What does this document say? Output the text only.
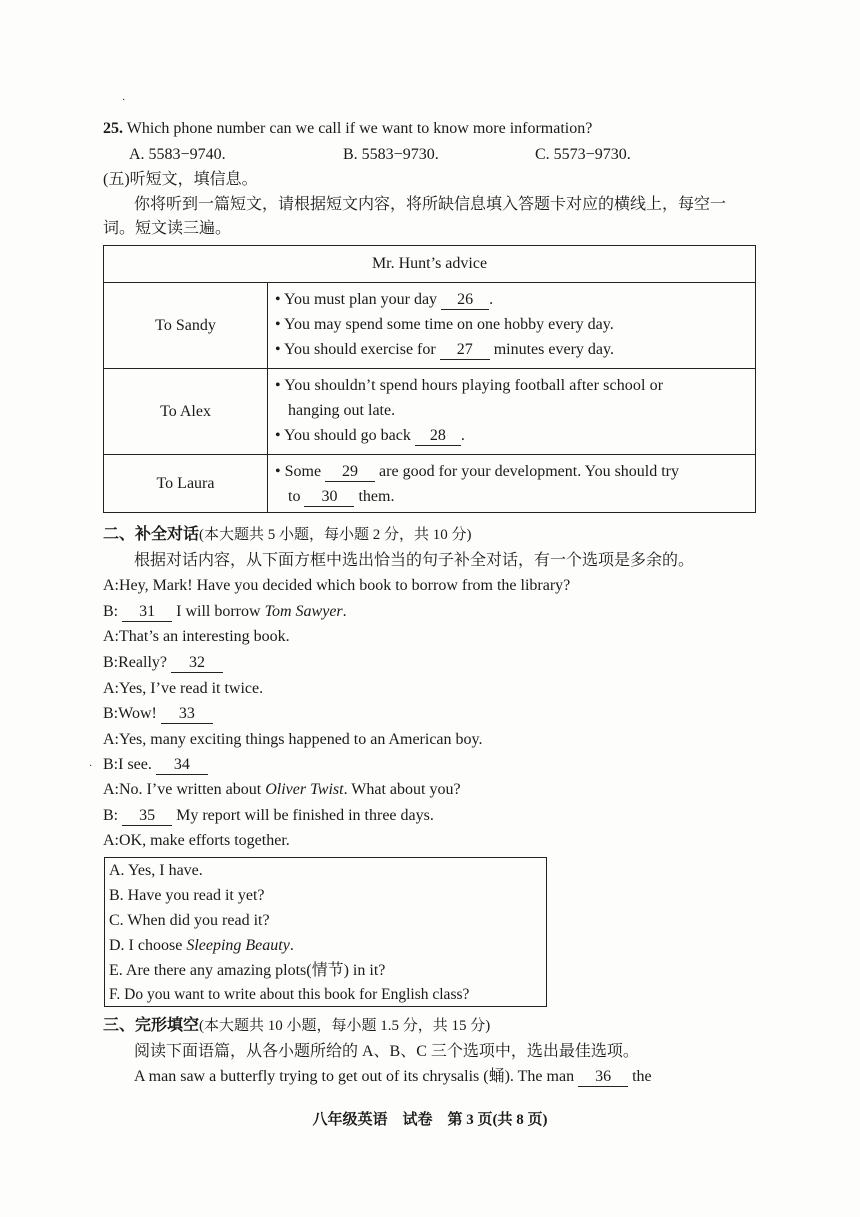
·
25. Which phone number can we call if we want to know more information?
A. 5583−9740.	B. 5583−9730.	C. 5573−9730.
(五)听短文，填信息。
你将听到一篇短文，请根据短文内容，将所缺信息填入答题卡对应的横线上，每空一
词。短文读三遍。
Mr. Hunt’s advice
To Sandy
• You must plan your day 26 .
• You may spend some time on one hobby every day.
• You should exercise for 27 minutes every day.
To Alex
• You shouldn’t spend hours playing football after school or
hanging out late.
• You should go back 28 .
To Laura
• Some 29 are good for your development. You should try
to 30 them.
二、补全对话(本大题共 5 小题，每小题 2 分，共 10 分)
根据对话内容，从下面方框中选出恰当的句子补全对话，有一个选项是多余的。
A:Hey, Mark! Have you decided which book to borrow from the library?
B: 31 I will borrow Tom Sawyer.
A:That’s an interesting book.
B:Really? 32
A:Yes, I’ve read it twice.
B:Wow! 33
A:Yes, many exciting things happened to an American boy.
· B:I see. 34
A:No. I’ve written about Oliver Twist. What about you?
B: 35 My report will be finished in three days.
A:OK, make efforts together.
A. Yes, I have.
B. Have you read it yet?
C. When did you read it?
D. I choose Sleeping Beauty.
E. Are there any amazing plots(情节) in it?
F. Do you want to write about this book for English class?
三、完形填空(本大题共 10 小题，每小题 1.5 分，共 15 分)
阅读下面语篇，从各小题所给的 A、B、C 三个选项中，选出最佳选项。
A man saw a butterfly trying to get out of its chrysalis (蛹). The man 36 the
八年级英语　试卷　第 3 页(共 8 页)
